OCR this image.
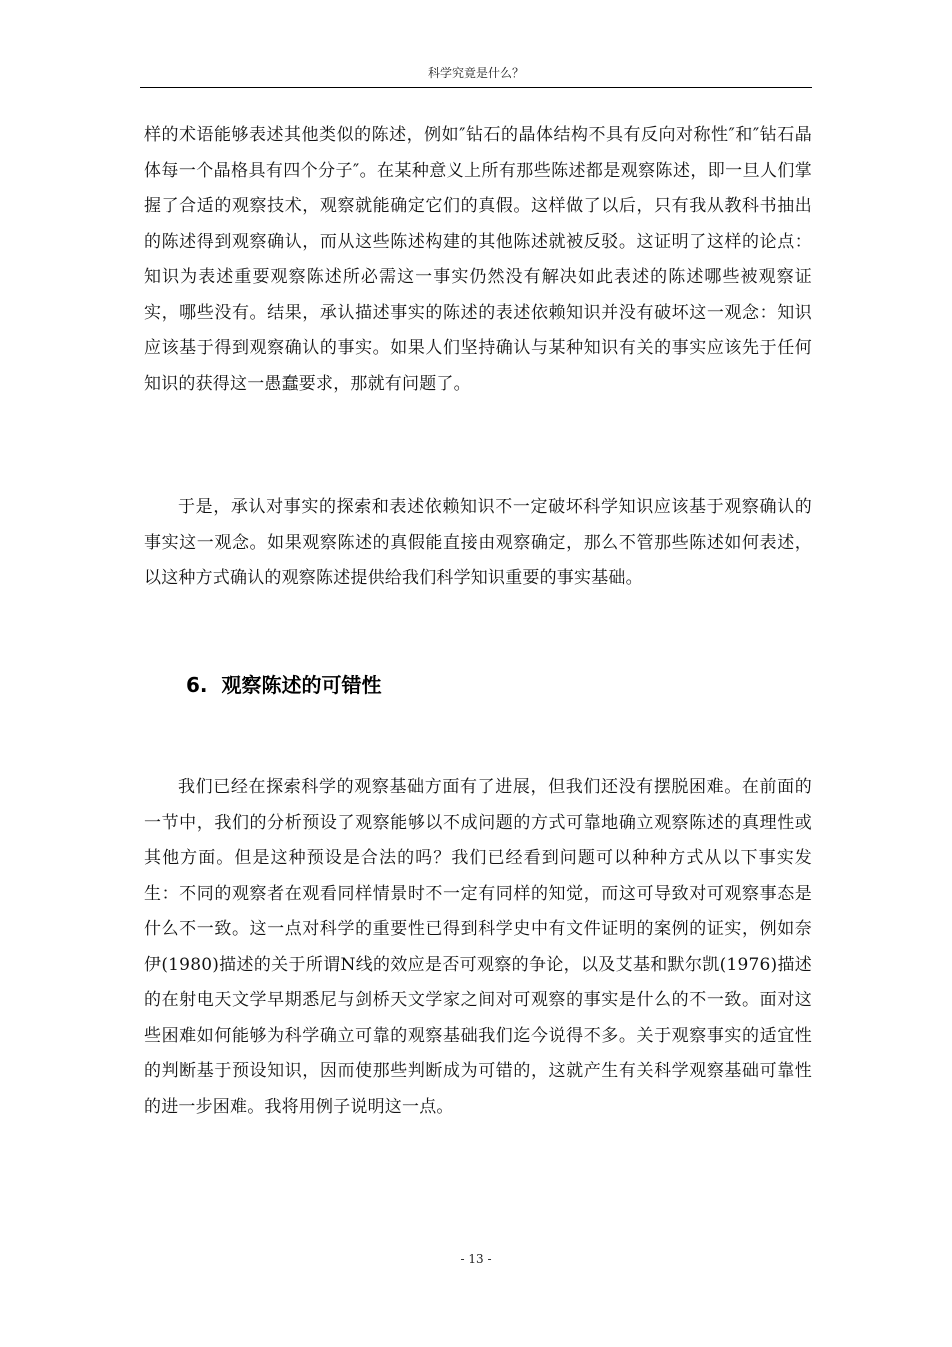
科学究竟是什么？

样的术语能够表述其他类似的陈述，例如″钻石的晶体结构不具有反向对称性″和″钻石晶体每一个晶格具有四个分子″。在某种意义上所有那些陈述都是观察陈述，即一旦人们掌握了合适的观察技术，观察就能确定它们的真假。这样做了以后，只有我从教科书抽出的陈述得到观察确认，而从这些陈述构建的其他陈述就被反驳。这证明了这样的论点：知识为表述重要观察陈述所必需这一事实仍然没有解决如此表述的陈述哪些被观察证实，哪些没有。结果，承认描述事实的陈述的表述依赖知识并没有破坏这一观念：知识应该基于得到观察确认的事实。如果人们坚持确认与某种知识有关的事实应该先于任何知识的获得这一愚蠢要求，那就有问题了。

于是，承认对事实的探索和表述依赖知识不一定破坏科学知识应该基于观察确认的事实这一观念。如果观察陈述的真假能直接由观察确定，那么不管那些陈述如何表述，以这种方式确认的观察陈述提供给我们科学知识重要的事实基础。

6. 观察陈述的可错性

我们已经在探索科学的观察基础方面有了进展，但我们还没有摆脱困难。在前面的一节中，我们的分析预设了观察能够以不成问题的方式可靠地确立观察陈述的真理性或其他方面。但是这种预设是合法的吗？我们已经看到问题可以种种方式从以下事实发生：不同的观察者在观看同样情景时不一定有同样的知觉，而这可导致对可观察事态是什么不一致。这一点对科学的重要性已得到科学史中有文件证明的案例的证实，例如奈伊(1980)描述的关于所谓N线的效应是否可观察的争论，以及艾基和默尔凯(1976)描述的在射电天文学早期悉尼与剑桥天文学家之间对可观察的事实是什么的不一致。面对这些困难如何能够为科学确立可靠的观察基础我们迄今说得不多。关于观察事实的适宜性的判断基于预设知识，因而使那些判断成为可错的，这就产生有关科学观察基础可靠性的进一步困难。我将用例子说明这一点。

- 13 -
